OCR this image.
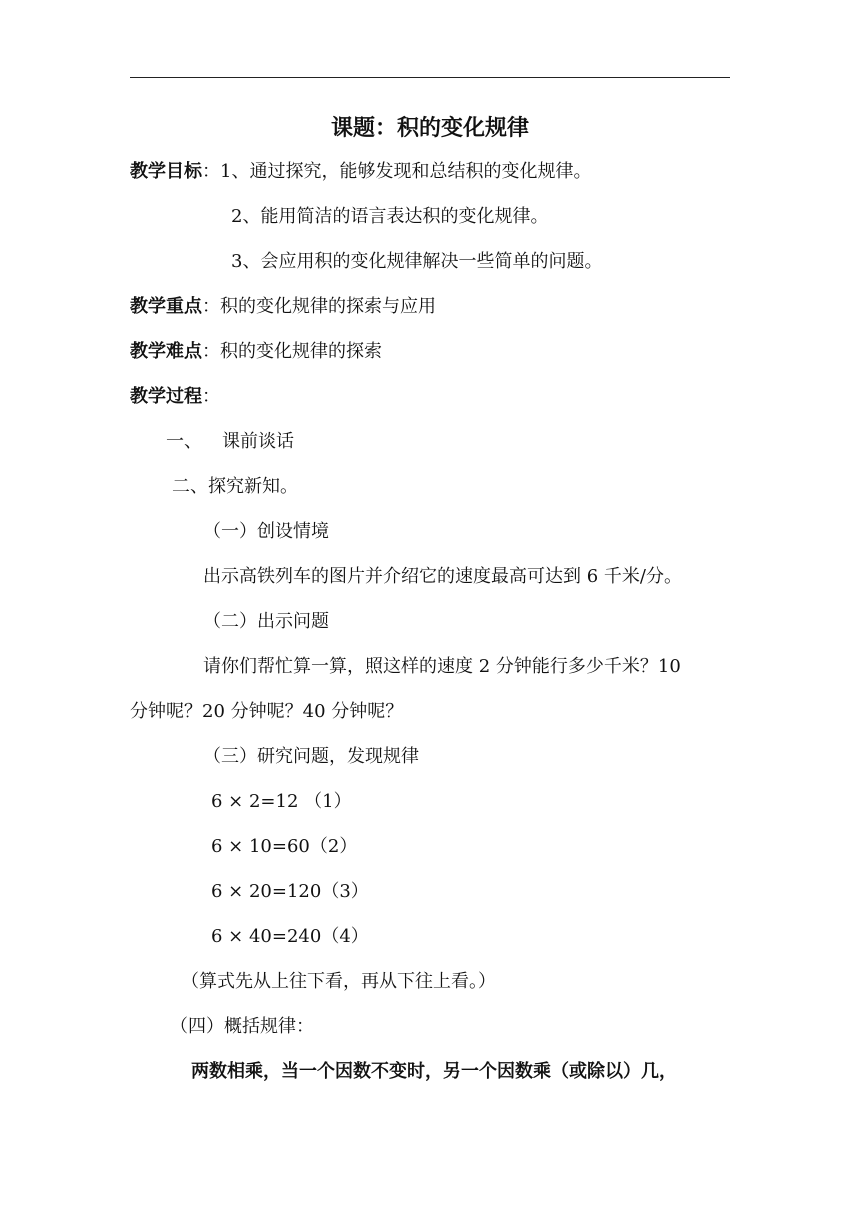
课题：积的变化规律
教学目标：1、通过探究，能够发现和总结积的变化规律。
2、能用简洁的语言表达积的变化规律。
3、会应用积的变化规律解决一些简单的问题。
教学重点：积的变化规律的探索与应用
教学难点：积的变化规律的探索
教学过程：
一、 课前谈话
二、探究新知。
（一）创设情境
出示高铁列车的图片并介绍它的速度最高可达到 6 千米/分。
（二）出示问题
请你们帮忙算一算，照这样的速度 2 分钟能行多少千米？10
分钟呢？20 分钟呢？40 分钟呢？
（三）研究问题，发现规律
6 × 2=12 （1）
6 × 10=60（2）
6 × 20=120（3）
6 × 40=240（4）
（算式先从上往下看，再从下往上看。）
（四）概括规律：
两数相乘，当一个因数不变时，另一个因数乘（或除以）几，
